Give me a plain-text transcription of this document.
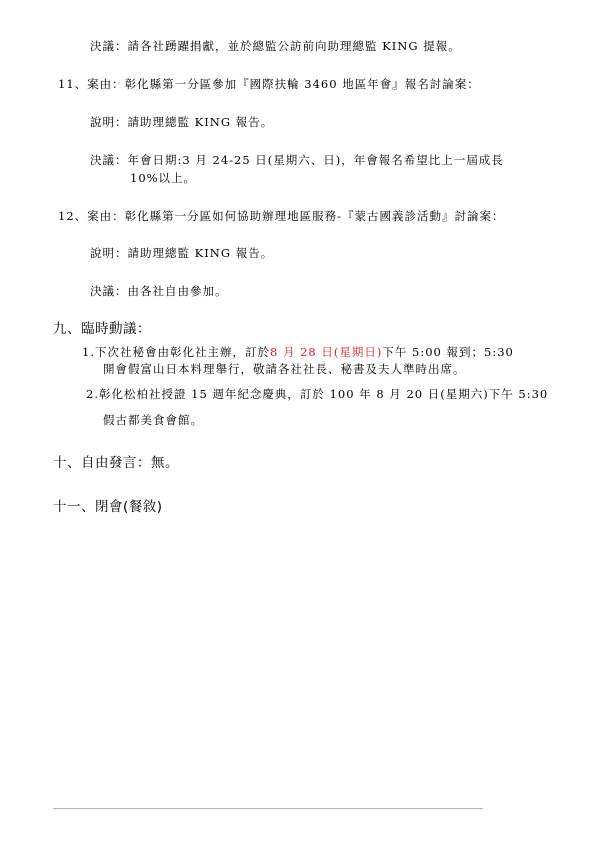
決議：請各社踴躍捐獻，並於總監公訪前向助理總監 KING 提報。
11、案由：彰化縣第一分區參加『國際扶輪 3460 地區年會』報名討論案：
說明：請助理總監 KING 報告。
決議：年會日期:3 月 24-25 日(星期六、日)，年會報名希望比上一屆成長
10%以上。
12、案由：彰化縣第一分區如何協助辦理地區服務-『蒙古國義診活動』討論案：
說明：請助理總監 KING 報告。
決議：由各社自由參加。
九、臨時動議：
1.下次社秘會由彰化社主辦，訂於8 月 28 日(星期日)下午 5:00 報到；5:30
開會假富山日本料理舉行，敬請各社社長、秘書及夫人準時出席。
2.彰化松柏社授證 15 週年紀念慶典，訂於 100 年 8 月 20 日(星期六)下午 5:30
假古都美食會館。
十、自由發言：無。
十一、閉會(餐敘)
